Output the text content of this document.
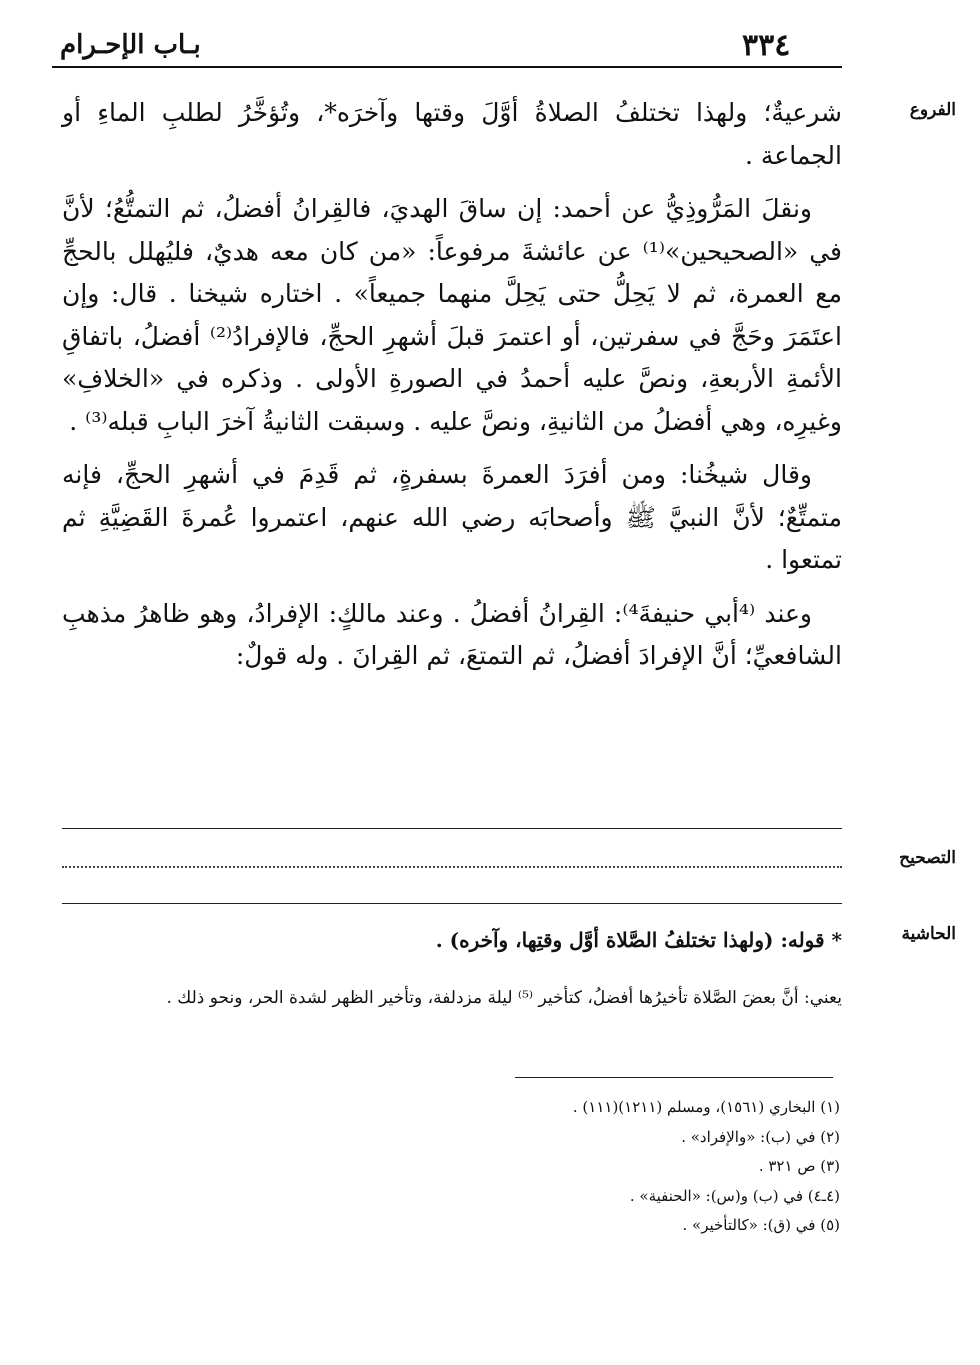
٣٣٤
بـاب الإحـرام
الفروع
التصحيح
الحاشية

شرعيةٌ؛ ولهذا تختلفُ الصلاةُ أوَّلَ وقتها وآخرَه*، وتُؤخَّرُ لطلبِ الماءِ أو الجماعة .

ونقلَ المَرُّوذِيُّ عن أحمد: إن ساقَ الهديَ، فالقِرانُ أفضلُ، ثم التمتُّعُ؛ لأنَّ في «الصحيحين»⁽¹⁾ عن عائشةَ مرفوعاً: «من كان معه هديٌ، فليُهلل بالحجِّ مع العمرة، ثم لا يَحِلُّ حتى يَحِلَّ منهما جميعاً» . اختاره شيخنا . قال: وإن اعتَمَرَ وحَجَّ في سفرتين، أو اعتمرَ قبلَ أشهرِ الحجِّ، فالإفرادُ⁽²⁾ أفضلُ، باتفاقِ الأئمةِ الأربعةِ، ونصَّ عليه أحمدُ في الصورةِ الأولى . وذكره في «الخلافِ» وغيرِه، وهي أفضلُ من الثانيةِ، ونصَّ عليه . وسبقت الثانيةُ آخرَ البابِ قبله⁽³⁾ .

وقال شيخُنا: ومن أفرَدَ العمرةَ بسفرةٍ، ثم قَدِمَ في أشهرِ الحجِّ، فإنه متمتِّعٌ؛ لأنَّ النبيَّ ﷺ وأصحابَه رضي الله عنهم، اعتمروا عُمرةَ القَضِيَّةِ ثم تمتعوا .

وعند ⁽⁴أبي حنيفةَ⁴⁾: القِرانُ أفضلُ . وعند مالكٍ: الإفرادُ، وهو ظاهرُ مذهبِ الشافعيِّ؛ أنَّ الإفرادَ أفضلُ، ثم التمتعَ، ثم القِرانَ . وله قولٌ:

* قوله: (ولهذا تختلفُ الصَّلاة أوَّل وقتِها، وآخره) .
يعني: أنَّ بعضَ الصَّلاة تأخيرُها أفضلُ، كتأخير ⁽⁵⁾ ليلة مزدلفة، وتأخير الظهر لشدة الحر، ونحو ذلك .
(١) البخاري (١٥٦١)، ومسلم (١٢١١)(١١١) .
(٢) في (ب): «والإفراد» .
(٣) ص ٣٢١ .
(٤ـ٤) في (ب) و(س): «الحنفية» .
(٥) في (ق): «كالتأخير» .
